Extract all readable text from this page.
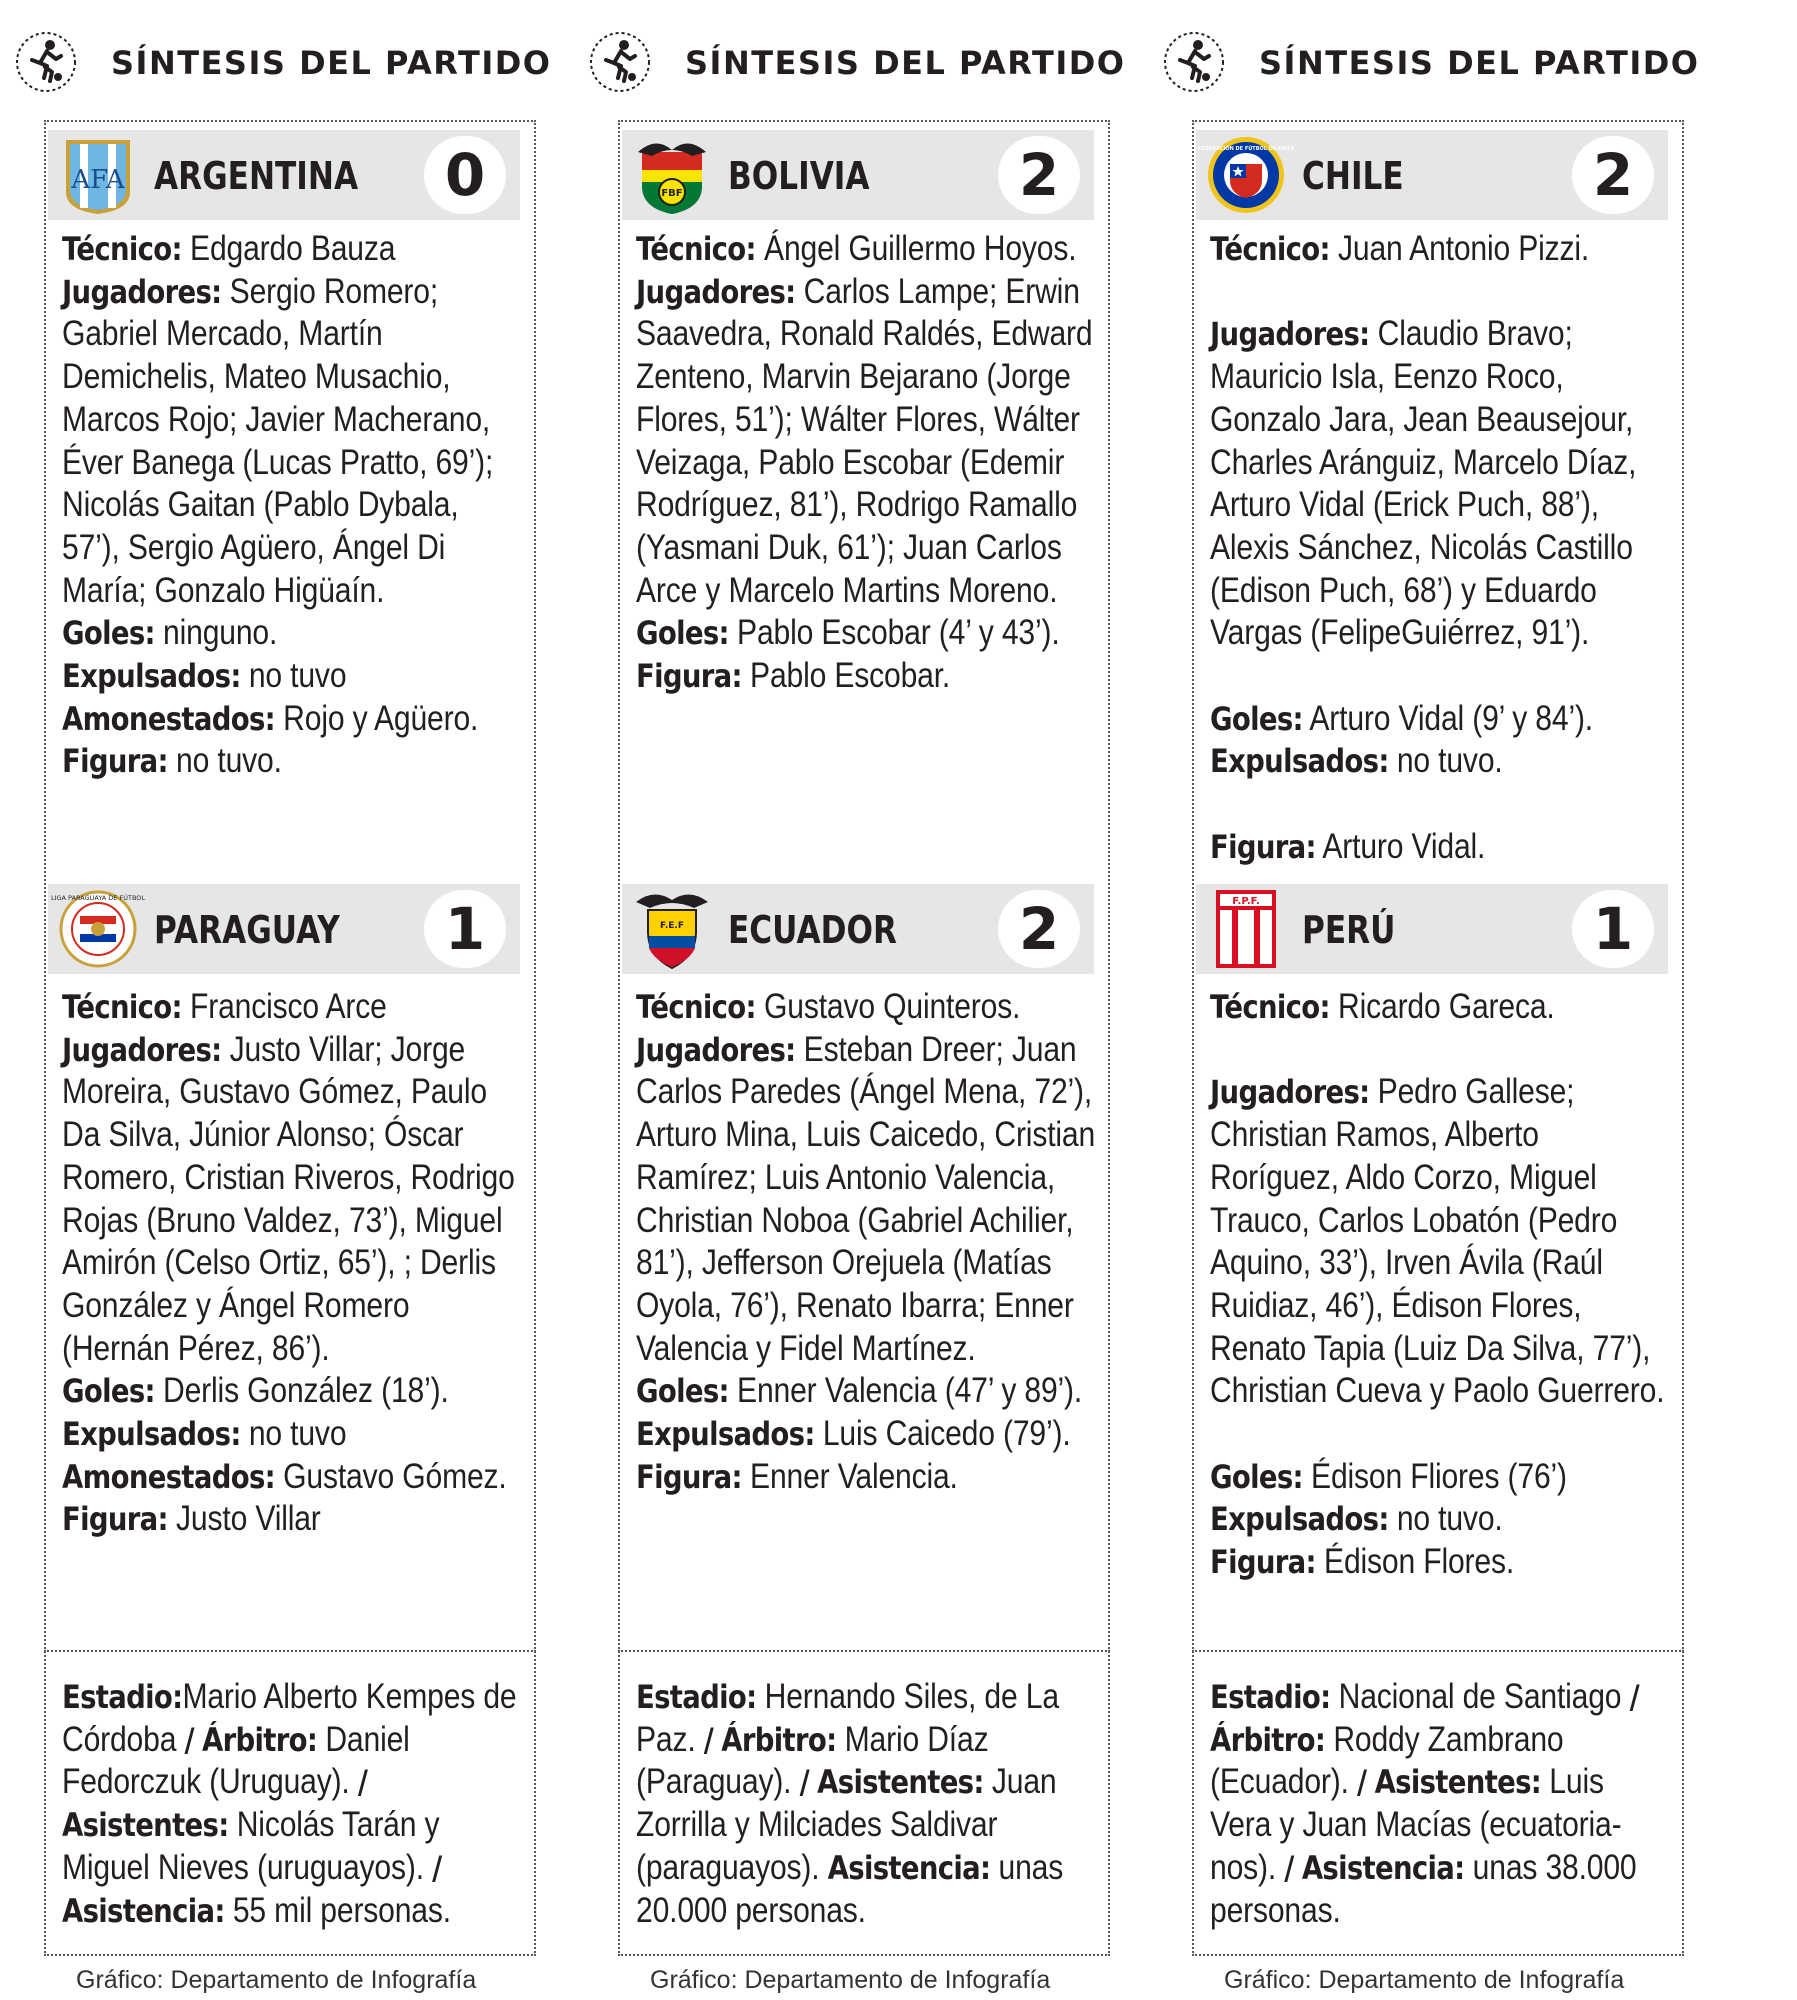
SÍNTESIS DEL PARTIDO
AFA ARGENTINA	0

Técnico: Edgardo Bauza

Jugadores: Sergio Romero; Gabriel Mercado, Martín Demichelis, Mateo Musachio, Marcos Rojo; Javier Macherano, Éver Banega (Lucas Pratto, 69’); Nicolás Gaitan (Pablo Dybala, 57’), Sergio Agüero, Ángel Di María; Gonzalo Higüaín.

Goles: ninguno.

Expulsados: no tuvo

Amonestados: Rojo y Agüero.

Figura: no tuvo.

LIGA PARAGUAYA DE FÚTBOL
PARAGUAY	1

Técnico: Francisco Arce

Jugadores: Justo Villar; Jorge Moreira, Gustavo Gómez, Paulo Da Silva, Júnior Alonso; Óscar Romero, Cristian Riveros, Rodrigo Rojas (Bruno Valdez, 73’), Miguel Amirón (Celso Ortiz, 65’), ; Derlis González y Ángel Romero (Hernán Pérez, 86’).

Goles: Derlis González (18’).

Expulsados: no tuvo

Amonestados: Gustavo Gómez.

Figura: Justo Villar

Estadio:Mario Alberto Kempes de Córdoba / Árbitro: Daniel Fedorczuk (Uruguay). / Asistentes: Nicolás Tarán y Miguel Nieves (uruguayos). / Asistencia: 55 mil personas.

Gráfico: Departamento de Infografía
SÍNTESIS DEL PARTIDO
FBF BOLIVIA	2

Técnico: Ángel Guillermo Hoyos.

Jugadores: Carlos Lampe; Erwin Saavedra, Ronald Raldés, Edward Zenteno, Marvin Bejarano (Jorge Flores, 51’); Wálter Flores, Wálter Veizaga, Pablo Escobar (Edemir Rodríguez, 81’), Rodrigo Ramallo (Yasmani Duk, 61’); Juan Carlos Arce y Marcelo Martins Moreno.

Goles: Pablo Escobar (4’ y 43’).

Figura: Pablo Escobar.

F.E.F ECUADOR	2

Técnico: Gustavo Quinteros.

Jugadores: Esteban Dreer; Juan Carlos Paredes (Ángel Mena, 72’), Arturo Mina, Luis Caicedo, Cristian Ramírez; Luis Antonio Valencia, Christian Noboa (Gabriel Achilier, 81’), Jefferson Orejuela (Matías Oyola, 76’), Renato Ibarra; Enner Valencia y Fidel Martínez.

Goles: Enner Valencia (47’ y 89’).

Expulsados: Luis Caicedo (79’).

Figura: Enner Valencia.

Estadio: Hernando Siles, de La Paz. / Árbitro: Mario Díaz (Paraguay). / Asistentes: Juan Zorrilla y Milciades Saldivar (paraguayos). Asistencia: unas 20.000 personas.

Gráfico: Departamento de Infografía
SÍNTESIS DEL PARTIDO
FEDERACIÓN DE FÚTBOL DE CHILE
CHILE	2

Técnico: Juan Antonio Pizzi.

Jugadores: Claudio Bravo; Mauricio Isla, Eenzo Roco, Gonzalo Jara, Jean Beausejour, Charles Aránguiz, Marcelo Díaz, Arturo Vidal (Erick Puch, 88’), Alexis Sánchez, Nicolás Castillo (Edison Puch, 68’) y Eduardo Vargas (FelipeGuiérrez, 91’).

Goles: Arturo Vidal (9’ y 84’).

Expulsados: no tuvo.

Figura: Arturo Vidal.

F.P.F.
PERÚ	1

Técnico: Ricardo Gareca.

Jugadores: Pedro Gallese; Christian Ramos, Alberto Roríguez, Aldo Corzo, Miguel Trauco, Carlos Lobatón (Pedro Aquino, 33’), Irven Ávila (Raúl Ruidiaz, 46’), Édison Flores, Renato Tapia (Luiz Da Silva, 77’), Christian Cueva y Paolo Guerrero.

Goles: Édison Fliores (76’)

Expulsados: no tuvo.

Figura: Édison Flores.

Estadio: Nacional de Santiago / Árbitro: Roddy Zambrano (Ecuador). / Asistentes: Luis Vera y Juan Macías (ecuatoria-nos). / Asistencia: unas 38.000 personas.

Gráfico: Departamento de Infografía
